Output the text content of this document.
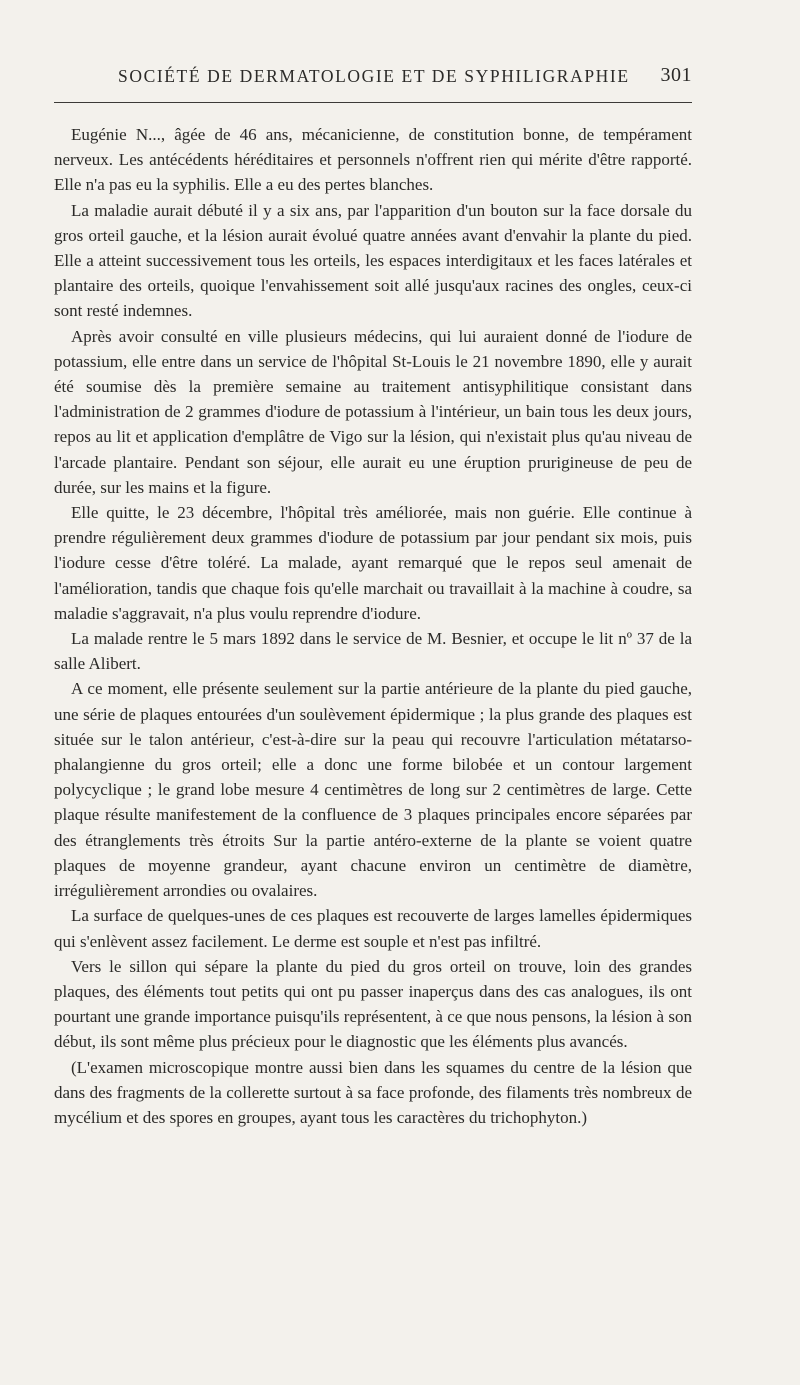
SOCIÉTÉ DE DERMATOLOGIE ET DE SYPHILIGRAPHIE 301

Eugénie N..., âgée de 46 ans, mécanicienne, de constitution bonne, de tempérament nerveux. Les antécédents héréditaires et personnels n'offrent rien qui mérite d'être rapporté. Elle n'a pas eu la syphilis. Elle a eu des pertes blanches.

La maladie aurait débuté il y a six ans, par l'apparition d'un bouton sur la face dorsale du gros orteil gauche, et la lésion aurait évolué quatre années avant d'envahir la plante du pied. Elle a atteint successivement tous les orteils, les espaces interdigitaux et les faces latérales et plantaire des orteils, quoique l'envahissement soit allé jusqu'aux racines des ongles, ceux-ci sont resté indemnes.

Après avoir consulté en ville plusieurs médecins, qui lui auraient donné de l'iodure de potassium, elle entre dans un service de l'hôpital St-Louis le 21 novembre 1890, elle y aurait été soumise dès la première semaine au traitement antisyphilitique consistant dans l'administration de 2 grammes d'iodure de potassium à l'intérieur, un bain tous les deux jours, repos au lit et application d'emplâtre de Vigo sur la lésion, qui n'existait plus qu'au niveau de l'arcade plantaire. Pendant son séjour, elle aurait eu une éruption prurigineuse de peu de durée, sur les mains et la figure.

Elle quitte, le 23 décembre, l'hôpital très améliorée, mais non guérie. Elle continue à prendre régulièrement deux grammes d'iodure de potassium par jour pendant six mois, puis l'iodure cesse d'être toléré. La malade, ayant remarqué que le repos seul amenait de l'amélioration, tandis que chaque fois qu'elle marchait ou travaillait à la machine à coudre, sa maladie s'aggravait, n'a plus voulu reprendre d'iodure.

La malade rentre le 5 mars 1892 dans le service de M. Besnier, et occupe le lit nº 37 de la salle Alibert.

A ce moment, elle présente seulement sur la partie antérieure de la plante du pied gauche, une série de plaques entourées d'un soulèvement épidermique ; la plus grande des plaques est située sur le talon antérieur, c'est-à-dire sur la peau qui recouvre l'articulation métatarso-phalangienne du gros orteil; elle a donc une forme bilobée et un contour largement polycyclique ; le grand lobe mesure 4 centimètres de long sur 2 centimètres de large. Cette plaque résulte manifestement de la confluence de 3 plaques principales encore séparées par des étranglements très étroits Sur la partie antéro-externe de la plante se voient quatre plaques de moyenne grandeur, ayant chacune environ un centimètre de diamètre, irrégulièrement arrondies ou ovalaires.

La surface de quelques-unes de ces plaques est recouverte de larges lamelles épidermiques qui s'enlèvent assez facilement. Le derme est souple et n'est pas infiltré.

Vers le sillon qui sépare la plante du pied du gros orteil on trouve, loin des grandes plaques, des éléments tout petits qui ont pu passer inaperçus dans des cas analogues, ils ont pourtant une grande importance puisqu'ils représentent, à ce que nous pensons, la lésion à son début, ils sont même plus précieux pour le diagnostic que les éléments plus avancés.

(L'examen microscopique montre aussi bien dans les squames du centre de la lésion que dans des fragments de la collerette surtout à sa face profonde, des filaments très nombreux de mycélium et des spores en groupes, ayant tous les caractères du trichophyton.)
